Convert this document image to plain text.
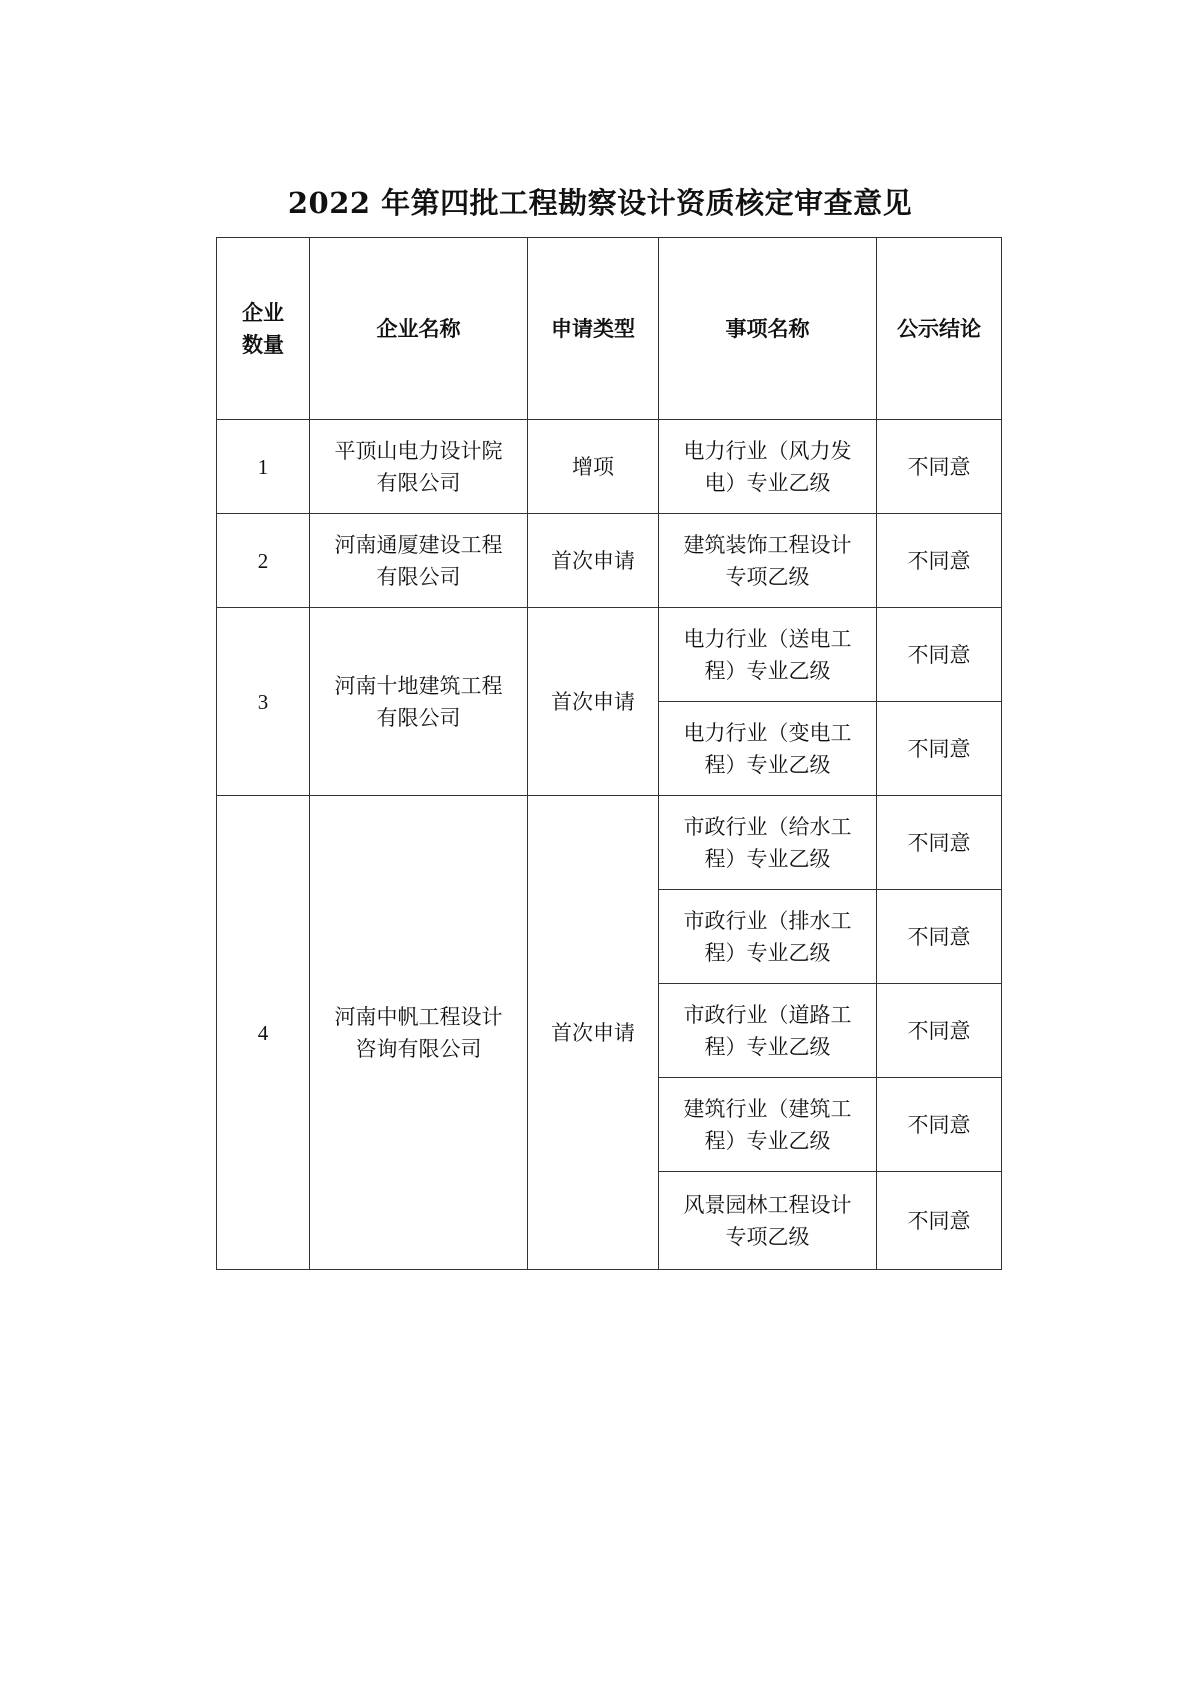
2022 年第四批工程勘察设计资质核定审查意见
企业数量	企业名称	申请类型	事项名称	公示结论
1	平顶山电力设计院有限公司	增项	电力行业（风力发电）专业乙级	不同意
2	河南通厦建设工程有限公司	首次申请	建筑装饰工程设计专项乙级	不同意
3	河南十地建筑工程有限公司	首次申请	电力行业（送电工程）专业乙级	不同意
			电力行业（变电工程）专业乙级	不同意
4	河南中帆工程设计咨询有限公司	首次申请	市政行业（给水工程）专业乙级	不同意
			市政行业（排水工程）专业乙级	不同意
			市政行业（道路工程）专业乙级	不同意
			建筑行业（建筑工程）专业乙级	不同意
			风景园林工程设计专项乙级	不同意
